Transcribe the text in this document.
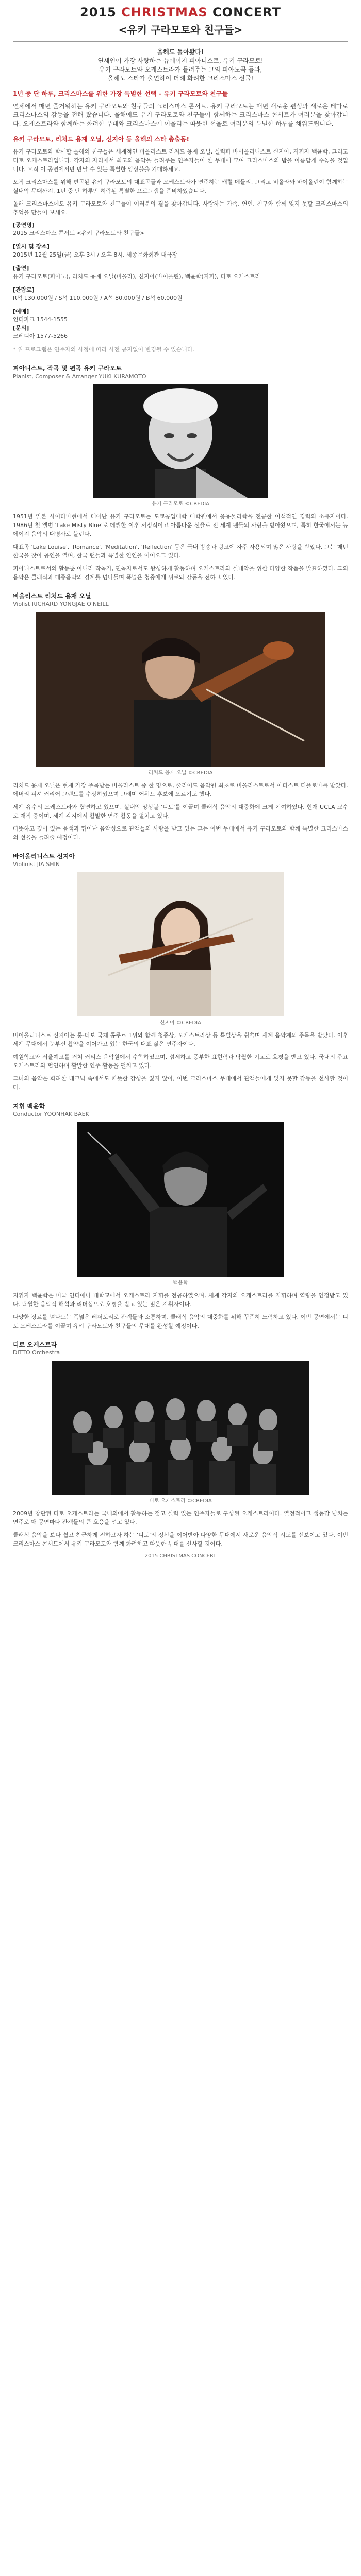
2015 CHRISTMAS CONCERT
<유키 구라모토와 친구들>
올해도 돌아왔다!
연세인이 가장 사랑하는 뉴에이지 피아니스트, 유키 구라모토!
유키 구라모토와 오케스트라가 들려주는 그의 피아노곡 들과,
올해도 스타가 출연하여 더해 화려한 크리스마스 선물!
1년 중 단 하루, 크리스마스를 위한 가장 특별한 선택 – 유키 구라모토와 친구들
연세에서 매년 즐거워하는 유키 구라모토와 친구들의 크리스마스 콘서트. 유키 구라모토는 매년 새로운 편성과 새로운 테마로 크리스마스의 감동을 전해 왔습니다. 올해에도 유키 구라모토와 친구들이 함께하는 크리스마스 콘서트가 여러분을 찾아갑니다. 오케스트라와 함께하는 화려한 무대와 크리스마스에 어울리는 따뜻한 선율로 여러분의 특별한 하루를 채워드립니다.
유키 구라모토, 리처드 용재 오닐, 신지아 등 올해의 스타 총출동!
유키 구라모토와 함께할 올해의 친구들은 세계적인 비올리스트 리처드 용재 오닐, 실력파 바이올리니스트 신지아, 지휘자 백윤학, 그리고 디토 오케스트라입니다. 각자의 자리에서 최고의 음악을 들려주는 연주자들이 한 무대에 모여 크리스마스의 밤을 아름답게 수놓을 것입니다. 오직 이 공연에서만 만날 수 있는 특별한 앙상블을 기대하세요.
오직 크리스마스를 위해 편곡된 유키 구라모토의 대표곡들과 오케스트라가 연주하는 캐럴 메들리, 그리고 비올라와 바이올린이 함께하는 실내악 무대까지, 1년 중 단 하루만 허락된 특별한 프로그램을 준비하였습니다.
올해 크리스마스에도 유키 구라모토와 친구들이 여러분의 곁을 찾아갑니다. 사랑하는 가족, 연인, 친구와 함께 잊지 못할 크리스마스의 추억을 만들어 보세요.
[공연명]
2015 크리스마스 콘서트 <유키 구라모토와 친구들>
[일시 및 장소]
2015년 12월 25일(금) 오후 3시 / 오후 8시, 세종문화회관 대극장
[출연]
유키 구라모토(피아노), 리처드 용재 오닐(비올라), 신지아(바이올린), 백윤학(지휘), 디토 오케스트라
[관람료]
R석 130,000원 / S석 110,000원 / A석 80,000원 / B석 60,000원
[예매]
인터파크 1544-1555
[문의]
크레디아 1577-5266
* 위 프로그램은 연주자의 사정에 따라 사전 공지없이 변경될 수 있습니다.
피아니스트, 작곡 및 편곡 유키 구라모토
Pianist, Composer & Arranger YUKI KURAMOTO
유키 구라모토 ©CREDIA
1951년 일본 사이타마현에서 태어난 유키 구라모토는 도쿄공업대학 대학원에서 응용물리학을 전공한 이색적인 경력의 소유자이다. 1986년 첫 앨범 'Lake Misty Blue'로 데뷔한 이후 서정적이고 아름다운 선율로 전 세계 팬들의 사랑을 받아왔으며, 특히 한국에서는 뉴에이지 음악의 대명사로 불린다.
대표곡 'Lake Louise', 'Romance', 'Meditation', 'Reflection' 등은 국내 방송과 광고에 자주 사용되며 많은 사랑을 받았다. 그는 매년 한국을 찾아 공연을 열며, 한국 팬들과 특별한 인연을 이어오고 있다.
피아니스트로서의 활동뿐 아니라 작곡가, 편곡자로서도 왕성하게 활동하며 오케스트라와 실내악을 위한 다양한 작품을 발표하였다. 그의 음악은 클래식과 대중음악의 경계를 넘나들며 폭넓은 청중에게 위로와 감동을 전하고 있다.
비올리스트 리처드 용재 오닐
Violist RICHARD YONGJAE O'NEILL
리처드 용재 오닐 ©CREDIA
리처드 용재 오닐은 현재 가장 주목받는 비올리스트 중 한 명으로, 줄리어드 음악원 최초로 비올리스트로서 아티스트 디플로마를 받았다. 에버리 피셔 커리어 그랜트를 수상하였으며 그래미 어워드 후보에 오르기도 했다.
세계 유수의 오케스트라와 협연하고 있으며, 실내악 앙상블 '디토'를 이끌며 클래식 음악의 대중화에 크게 기여하였다. 현재 UCLA 교수로 재직 중이며, 세계 각지에서 활발한 연주 활동을 펼치고 있다.
따뜻하고 깊이 있는 음색과 뛰어난 음악성으로 관객들의 사랑을 받고 있는 그는 이번 무대에서 유키 구라모토와 함께 특별한 크리스마스의 선율을 들려줄 예정이다.
바이올리니스트 신지아
Violinist JIA SHIN
신지아 ©CREDIA
바이올리니스트 신지아는 롱-티보 국제 콩쿠르 1위와 함께 청중상, 오케스트라상 등 특별상을 휩쓸며 세계 음악계의 주목을 받았다. 이후 세계 무대에서 눈부신 활약을 이어가고 있는 한국의 대표 젊은 연주자이다.
예원학교와 서울예고를 거쳐 커티스 음악원에서 수학하였으며, 섬세하고 풍부한 표현력과 탁월한 기교로 호평을 받고 있다. 국내외 주요 오케스트라와 협연하며 활발한 연주 활동을 펼치고 있다.
그녀의 음악은 화려한 테크닉 속에서도 따뜻한 감성을 잃지 않아, 이번 크리스마스 무대에서 관객들에게 잊지 못할 감동을 선사할 것이다.
지휘 백윤학
Conductor YOONHAK BAEK
백윤학
지휘자 백윤학은 미국 인디애나 대학교에서 오케스트라 지휘를 전공하였으며, 세계 각지의 오케스트라를 지휘하며 역량을 인정받고 있다. 탁월한 음악적 해석과 리더십으로 호평을 받고 있는 젊은 지휘자이다.
다양한 장르를 넘나드는 폭넓은 레퍼토리로 관객들과 소통하며, 클래식 음악의 대중화를 위해 꾸준히 노력하고 있다. 이번 공연에서는 디토 오케스트라를 이끌며 유키 구라모토와 친구들의 무대를 완성할 예정이다.
디토 오케스트라
DITTO Orchestra
디토 오케스트라 ©CREDIA
2009년 창단된 디토 오케스트라는 국내외에서 활동하는 젊고 실력 있는 연주자들로 구성된 오케스트라이다. 열정적이고 생동감 넘치는 연주로 매 공연마다 관객들의 큰 호응을 얻고 있다.
클래식 음악을 보다 쉽고 친근하게 전하고자 하는 '디토'의 정신을 이어받아 다양한 무대에서 새로운 음악적 시도를 선보이고 있다. 이번 크리스마스 콘서트에서 유키 구라모토와 함께 화려하고 따뜻한 무대를 선사할 것이다.
2015 CHRISTMAS CONCERT
